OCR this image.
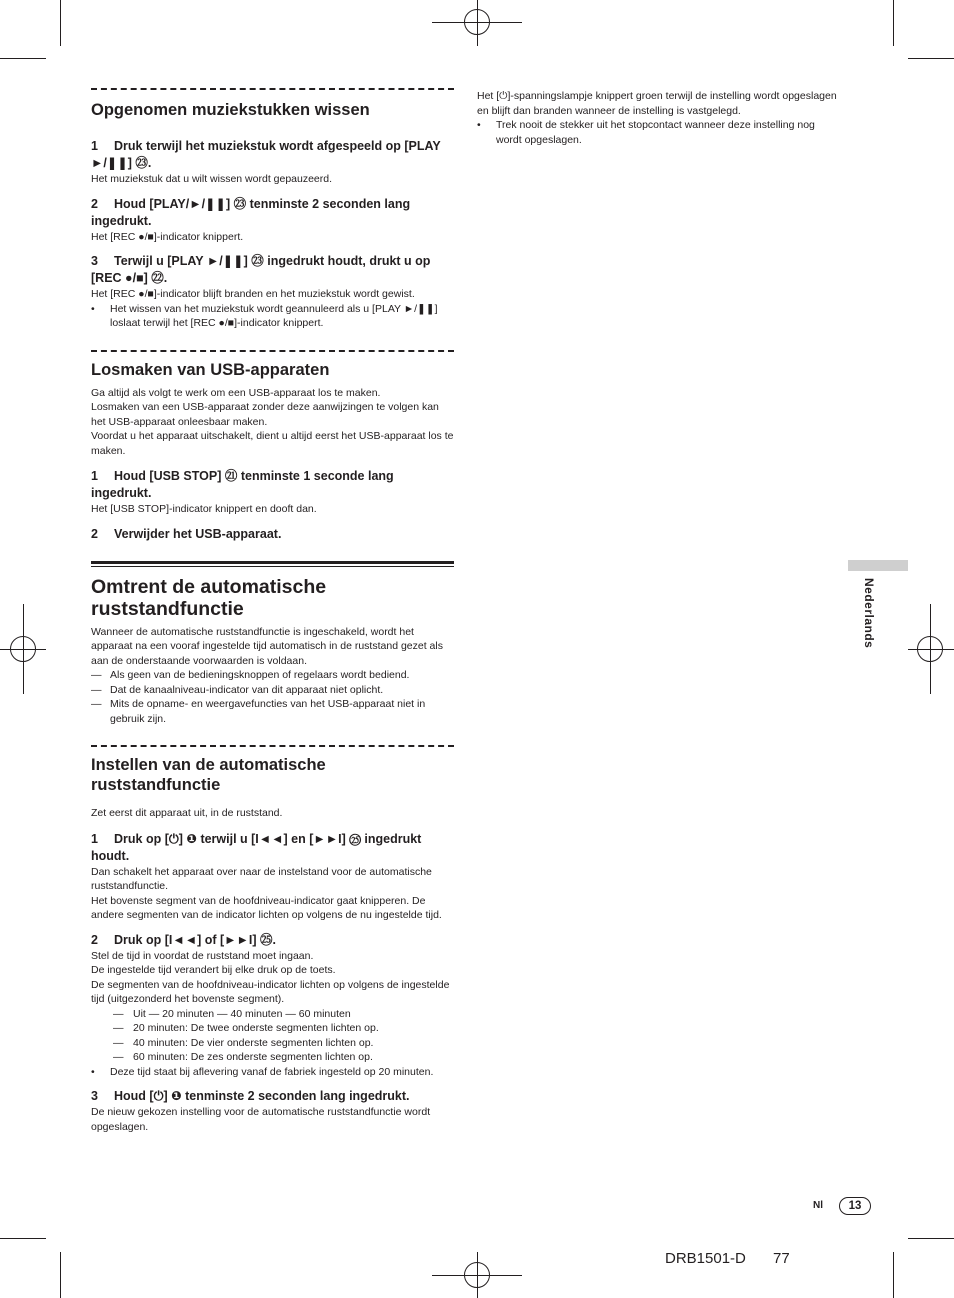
Opgenomen muziekstukken wissen

1 Druk terwijl het muziekstuk wordt afgespeeld op [PLAY ►/❚❚] ㉓.

Het muziekstuk dat u wilt wissen wordt gepauzeerd.

2 Houd [PLAY/►/❚❚] ㉓ tenminste 2 seconden lang ingedrukt.

Het [REC ●/■]-indicator knippert.

3 Terwijl u [PLAY ►/❚❚] ㉓ ingedrukt houdt, drukt u op [REC ●/■] ㉒.

Het [REC ●/■]-indicator blijft branden en het muziekstuk wordt gewist.

• Het wissen van het muziekstuk wordt geannuleerd als u [PLAY ►/❚❚] loslaat terwijl het [REC ●/■]-indicator knippert.

Losmaken van USB-apparaten

Ga altijd als volgt te werk om een USB-apparaat los te maken.

Losmaken van een USB-apparaat zonder deze aanwijzingen te volgen kan het USB-apparaat onleesbaar maken.

Voordat u het apparaat uitschakelt, dient u altijd eerst het USB-apparaat los te maken.

1 Houd [USB STOP] ㉑ tenminste 1 seconde lang ingedrukt.

Het [USB STOP]-indicator knippert en dooft dan.

2 Verwijder het USB-apparaat.

Omtrent de automatische ruststandfunctie

Wanneer de automatische ruststandfunctie is ingeschakeld, wordt het apparaat na een vooraf ingestelde tijd automatisch in de ruststand gezet als aan de onderstaande voorwaarden is voldaan.

— Als geen van de bedieningsknoppen of regelaars wordt bediend.

— Dat de kanaalniveau-indicator van dit apparaat niet oplicht.

— Mits de opname- en weergavefuncties van het USB-apparaat niet in gebruik zijn.

Instellen van de automatische ruststandfunctie

Zet eerst dit apparaat uit, in de ruststand.

1 Druk op [⏻] ❶ terwijl u [I◄◄] en [►►I] ㉕ ingedrukt houdt.

Dan schakelt het apparaat over naar de instelstand voor de automatische ruststandfunctie.

Het bovenste segment van de hoofdniveau-indicator gaat knipperen. De andere segmenten van de indicator lichten op volgens de nu ingestelde tijd.

2 Druk op [I◄◄] of [►►I] ㉕.

Stel de tijd in voordat de ruststand moet ingaan.

De ingestelde tijd verandert bij elke druk op de toets.

De segmenten van de hoofdniveau-indicator lichten op volgens de ingestelde tijd (uitgezonderd het bovenste segment).

— Uit — 20 minuten — 40 minuten — 60 minuten

— 20 minuten: De twee onderste segmenten lichten op.

— 40 minuten: De vier onderste segmenten lichten op.

— 60 minuten: De zes onderste segmenten lichten op.

• Deze tijd staat bij aflevering vanaf de fabriek ingesteld op 20 minuten.

3 Houd [⏻] ❶ tenminste 2 seconden lang ingedrukt.

De nieuw gekozen instelling voor de automatische ruststandfunctie wordt opgeslagen.

Het [⏻]-spanningslampje knippert groen terwijl de instelling wordt opgeslagen en blijft dan branden wanneer de instelling is vastgelegd.

• Trek nooit de stekker uit het stopcontact wanneer deze instelling nog wordt opgeslagen.

Nederlands
Nl	13
DRB1501-D 77
